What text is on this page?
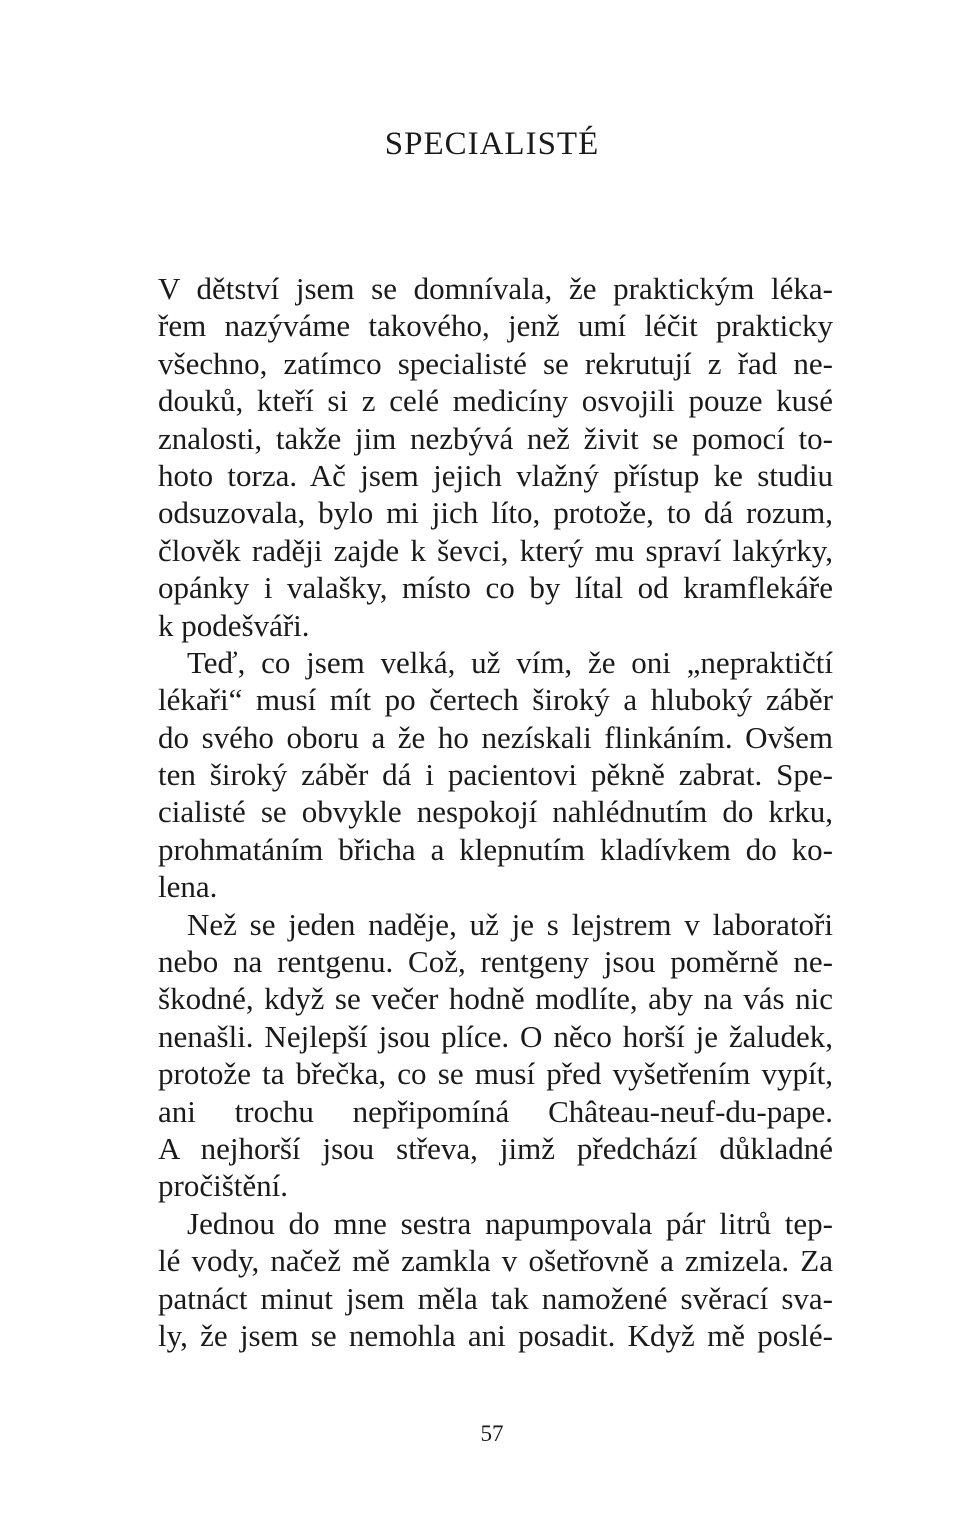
SPECIALISTÉ
V dětství jsem se domnívala, že praktickým léka-
řem nazýváme takového, jenž umí léčit prakticky
všechno, zatímco specialisté se rekrutují z řad ne-
douků, kteří si z celé medicíny osvojili pouze kusé
znalosti, takže jim nezbývá než živit se pomocí to-
hoto torza. Ač jsem jejich vlažný přístup ke studiu
odsuzovala, bylo mi jich líto, protože, to dá rozum,
člověk raději zajde k ševci, který mu spraví lakýrky,
opánky i valašky, místo co by lítal od kramflekáře
k podešváři.
Teď, co jsem velká, už vím, že oni „nepraktičtí
lékaři“ musí mít po čertech široký a hluboký záběr
do svého oboru a že ho nezískali flinkáním. Ovšem
ten široký záběr dá i pacientovi pěkně zabrat. Spe-
cialisté se obvykle nespokojí nahlédnutím do krku,
prohmatáním břicha a klepnutím kladívkem do ko-
lena.
Než se jeden naděje, už je s lejstrem v laboratoři
nebo na rentgenu. Což, rentgeny jsou poměrně ne-
škodné, když se večer hodně modlíte, aby na vás nic
nenašli. Nejlepší jsou plíce. O něco horší je žaludek,
protože ta břečka, co se musí před vyšetřením vypít,
ani trochu nepřipomíná Château-neuf-du-pape.
A nejhorší jsou střeva, jimž předchází důkladné
pročištění.
Jednou do mne sestra napumpovala pár litrů tep-
lé vody, načež mě zamkla v ošetřovně a zmizela. Za
patnáct minut jsem měla tak namožené svěrací sva-
ly, že jsem se nemohla ani posadit. Když mě poslé-
57
